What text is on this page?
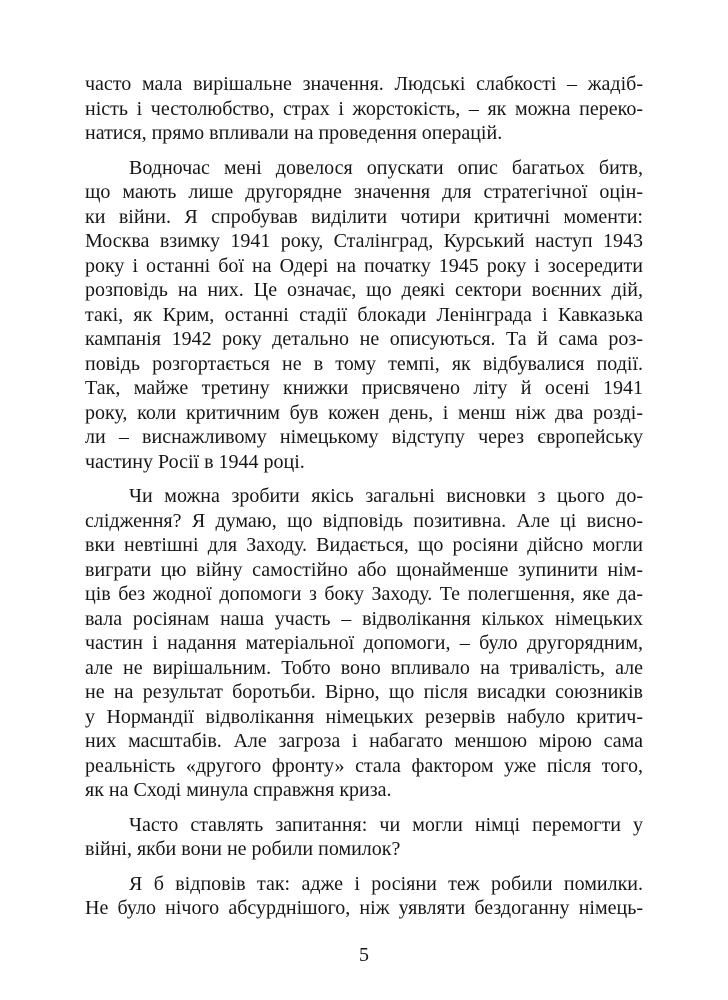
часто мала вирішальне значення. Людські слабкості – жадіб-
ність і честолюбство, страх і жорстокість, – як можна переко-
натися, прямо впливали на проведення операцій.
Водночас мені довелося опускати опис багатьох битв,
що мають лише другорядне значення для стратегічної оцін-
ки війни. Я спробував виділити чотири критичні моменти:
Москва взимку 1941 року, Сталінград, Курський наступ 1943
року і останні бої на Одері на початку 1945 року і зосередити
розповідь на них. Це означає, що деякі сектори воєнних дій,
такі, як Крим, останні стадії блокади Ленінграда і Кавказька
кампанія 1942 року детально не описуються. Та й сама роз-
повідь розгортається не в тому темпі, як відбувалися події.
Так, майже третину книжки присвячено літу й осені 1941
року, коли критичним був кожен день, і менш ніж два розді-
ли – виснажливому німецькому відступу через європейську
частину Росії в 1944 році.
Чи можна зробити якісь загальні висновки з цього до-
слідження? Я думаю, що відповідь позитивна. Але ці висно-
вки невтішні для Заходу. Видається, що росіяни дійсно могли
виграти цю війну самостійно або щонайменше зупинити нім-
ців без жодної допомоги з боку Заходу. Те полегшення, яке да-
вала росіянам наша участь – відволікання кількох німецьких
частин і надання матеріальної допомоги, – було другорядним,
але не вирішальним. Тобто воно впливало на тривалість, але
не на результат боротьби. Вірно, що після висадки союзників
у Нормандії відволікання німецьких резервів набуло критич-
них масштабів. Але загроза і набагато меншою мірою сама
реальність «другого фронту» стала фактором уже після того,
як на Сході минула справжня криза.
Часто ставлять запитання: чи могли німці перемогти у
війні, якби вони не робили помилок?
Я б відповів так: адже і росіяни теж робили помилки.
Не було нічого абсурднішого, ніж уявляти бездоганну німець-
5
